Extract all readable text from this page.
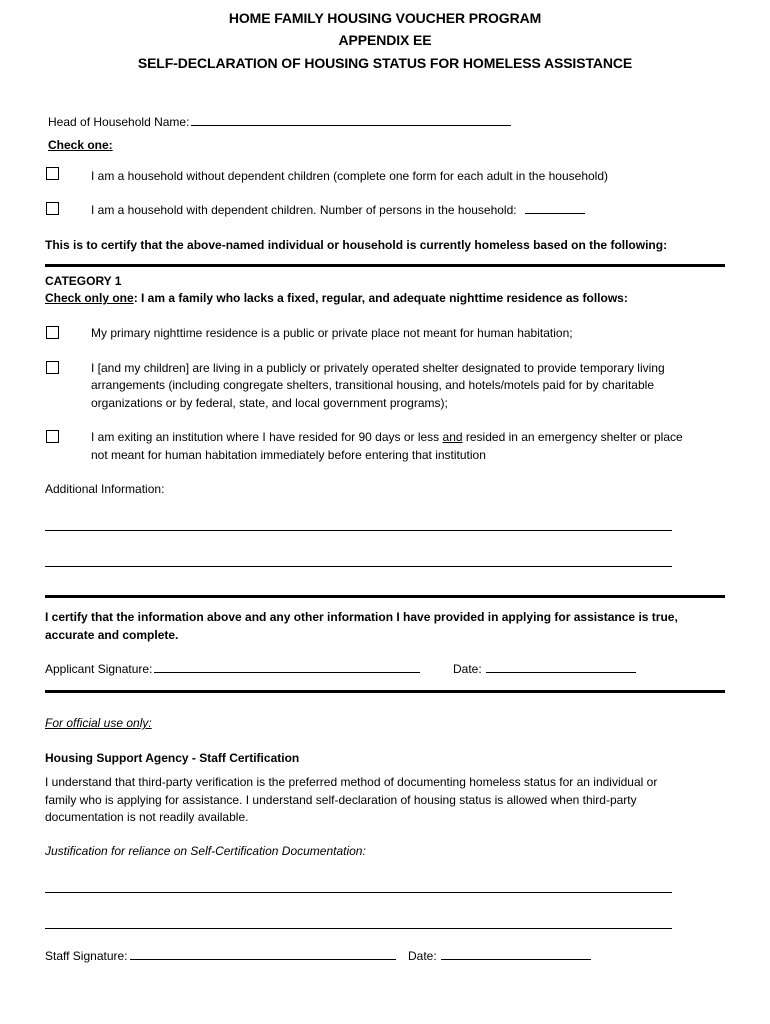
HOME FAMILY HOUSING VOUCHER PROGRAM
APPENDIX EE
SELF-DECLARATION OF HOUSING STATUS FOR HOMELESS ASSISTANCE
Head of Household Name:
Check one:
I am a household without dependent children (complete one form for each adult in the household)
I am a household with dependent children. Number of persons in the household:
This is to certify that the above-named individual or household is currently homeless based on the following:
CATEGORY 1
Check only one: I am a family who lacks a fixed, regular, and adequate nighttime residence as follows:
My primary nighttime residence is a public or private place not meant for human habitation;
I [and my children] are living in a publicly or privately operated shelter designated to provide temporary living
arrangements (including congregate shelters, transitional housing, and hotels/motels paid for by charitable
organizations or by federal, state, and local government programs);
I am exiting an institution where I have resided for 90 days or less and resided in an emergency shelter or place
not meant for human habitation immediately before entering that institution
Additional Information:
I certify that the information above and any other information I have provided in applying for assistance is true,
accurate and complete.
Applicant Signature:	Date:
For official use only:
Housing Support Agency - Staff Certification
I understand that third-party verification is the preferred method of documenting homeless status for an individual or
family who is applying for assistance. I understand self-declaration of housing status is allowed when third-party
documentation is not readily available.
Justification for reliance on Self-Certification Documentation:
Staff Signature:	Date:
